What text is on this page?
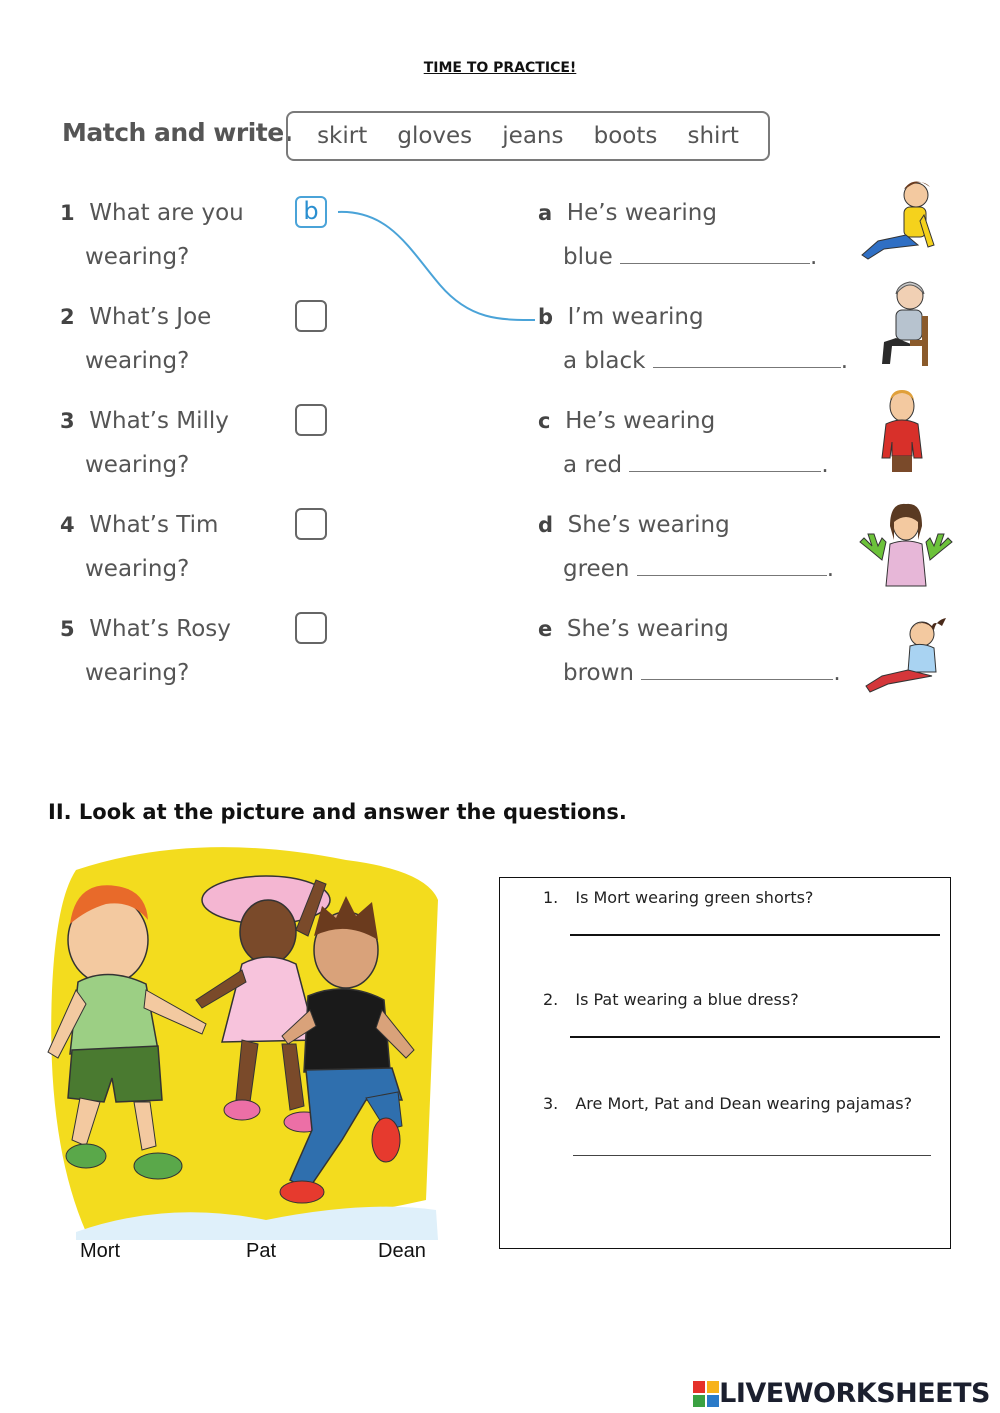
TIME TO PRACTICE!
Match and write. skirt gloves jeans boots shirt
1 What are you
wearing?
2 What’s Joe
wearing?
3 What’s Milly
wearing?
4 What’s Tim
wearing?
5 What’s Rosy
wearing?
b	a He’s wearing
blue	.
b I’m wearing
a black	.
c He’s wearing
a red	.
d She’s wearing
green	.
e She’s wearing
brown	.
II. Look at the picture and answer the questions.
Mort	Pat	Dean
1. Is Mort wearing green shorts?
2. Is Pat wearing a blue dress?
3. Are Mort, Pat and Dean wearing pajamas?
LIVEWORKSHEETS
